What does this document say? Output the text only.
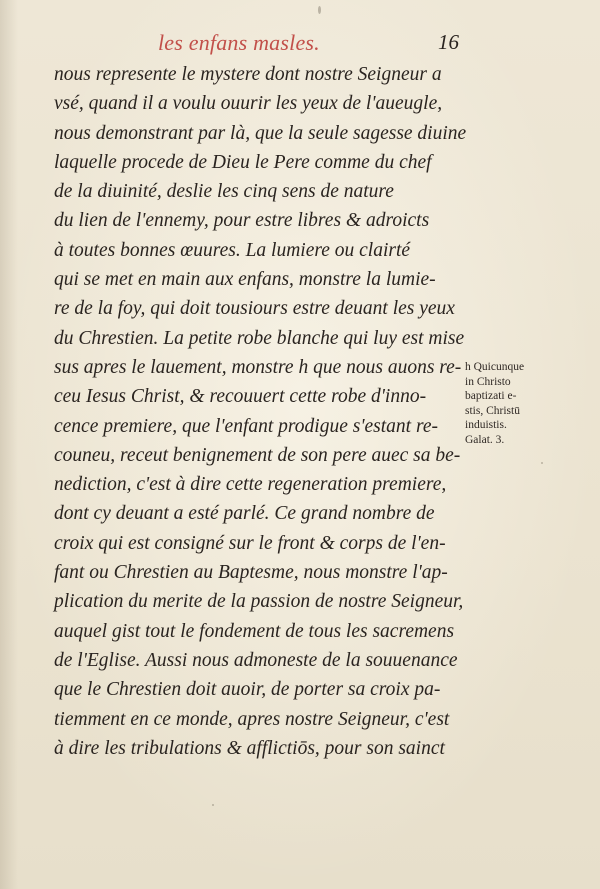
les enfans masles.	16
nous represente le mystere dont nostre Seigneur a
vsé, quand il a voulu ouurir les yeux de l'aueugle,
nous demonstrant par là, que la seule sagesse diuine
laquelle procede de Dieu le Pere comme du chef
de la diuinité, deslie les cinq sens de nature
du lien de l'ennemy, pour estre libres & adroicts
à toutes bonnes œuures. La lumiere ou clairté
qui se met en main aux enfans, monstre la lumie-
re de la foy, qui doit tousiours estre deuant les yeux
du Chrestien. La petite robe blanche qui luy est mise
sus apres le lauement, monstre h que nous auons re-
ceu Iesus Christ, & recouuert cette robe d'inno-
cence premiere, que l'enfant prodigue s'estant re-
couneu, receut benignement de son pere auec sa be-
nediction, c'est à dire cette regeneration premiere,
dont cy deuant a esté parlé. Ce grand nombre de
croix qui est consigné sur le front & corps de l'en-
fant ou Chrestien au Baptesme, nous monstre l'ap-
plication du merite de la passion de nostre Seigneur,
auquel gist tout le fondement de tous les sacremens
de l'Eglise. Aussi nous admoneste de la souuenance
que le Chrestien doit auoir, de porter sa croix pa-
tiemment en ce monde, apres nostre Seigneur, c'est
à dire les tribulations & afflictiōs, pour son sainct
h Quicunque
in Christo
baptizati e-
stis, Christū
induistis.
Galat. 3.
